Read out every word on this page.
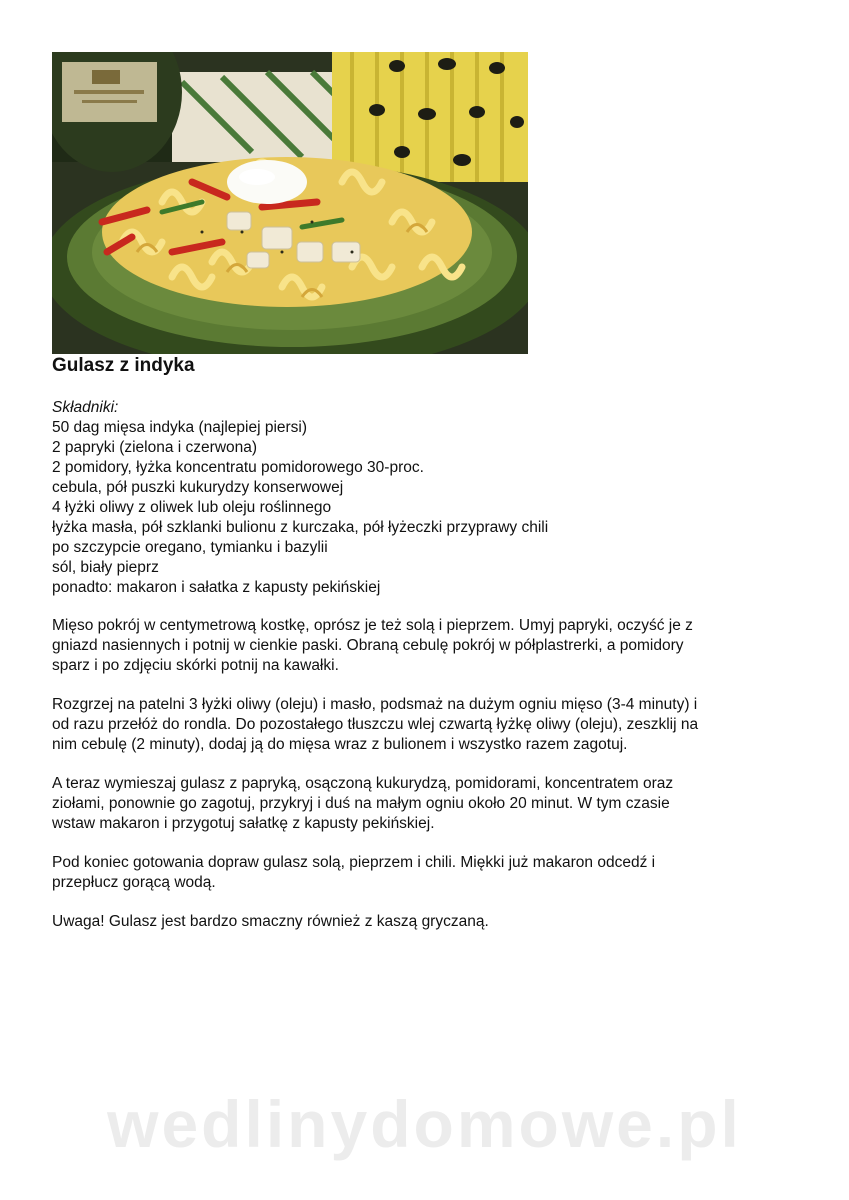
Gulasz z indyka
Składniki:
50 dag mięsa indyka (najlepiej piersi)
2 papryki (zielona i czerwona)
2 pomidory, łyżka koncentratu pomidorowego 30-proc.
cebula, pół puszki kukurydzy konserwowej
4 łyżki oliwy z oliwek lub oleju roślinnego
łyżka masła, pół szklanki bulionu z kurczaka, pół łyżeczki przyprawy chili
po szczypcie oregano, tymianku i bazylii
sól, biały pieprz
ponadto: makaron i sałatka z kapusty pekińskiej

Mięso pokrój w centymetrową kostkę, oprósz je też solą i pieprzem. Umyj papryki, oczyść je z
gniazd nasiennych i potnij w cienkie paski. Obraną cebulę pokrój w półplastrerki, a pomidory
sparz i po zdjęciu skórki potnij na kawałki.

Rozgrzej na patelni 3 łyżki oliwy (oleju) i masło, podsmaż na dużym ogniu mięso (3-4 minuty) i
od razu przełóż do rondla. Do pozostałego tłuszczu wlej czwartą łyżkę oliwy (oleju), zeszklij na
nim cebulę (2 minuty), dodaj ją do mięsa wraz z bulionem i wszystko razem zagotuj.

A teraz wymieszaj gulasz z papryką, osączoną kukurydzą, pomidorami, koncentratem oraz
ziołami, ponownie go zagotuj, przykryj i duś na małym ogniu około 20 minut. W tym czasie
wstaw makaron i przygotuj sałatkę z kapusty pekińskiej.

Pod koniec gotowania dopraw gulasz solą, pieprzem i chili. Miękki już makaron odcedź i
przepłucz gorącą wodą.

Uwaga! Gulasz jest bardzo smaczny również z kaszą gryczaną.

wedlinydomowe.pl
